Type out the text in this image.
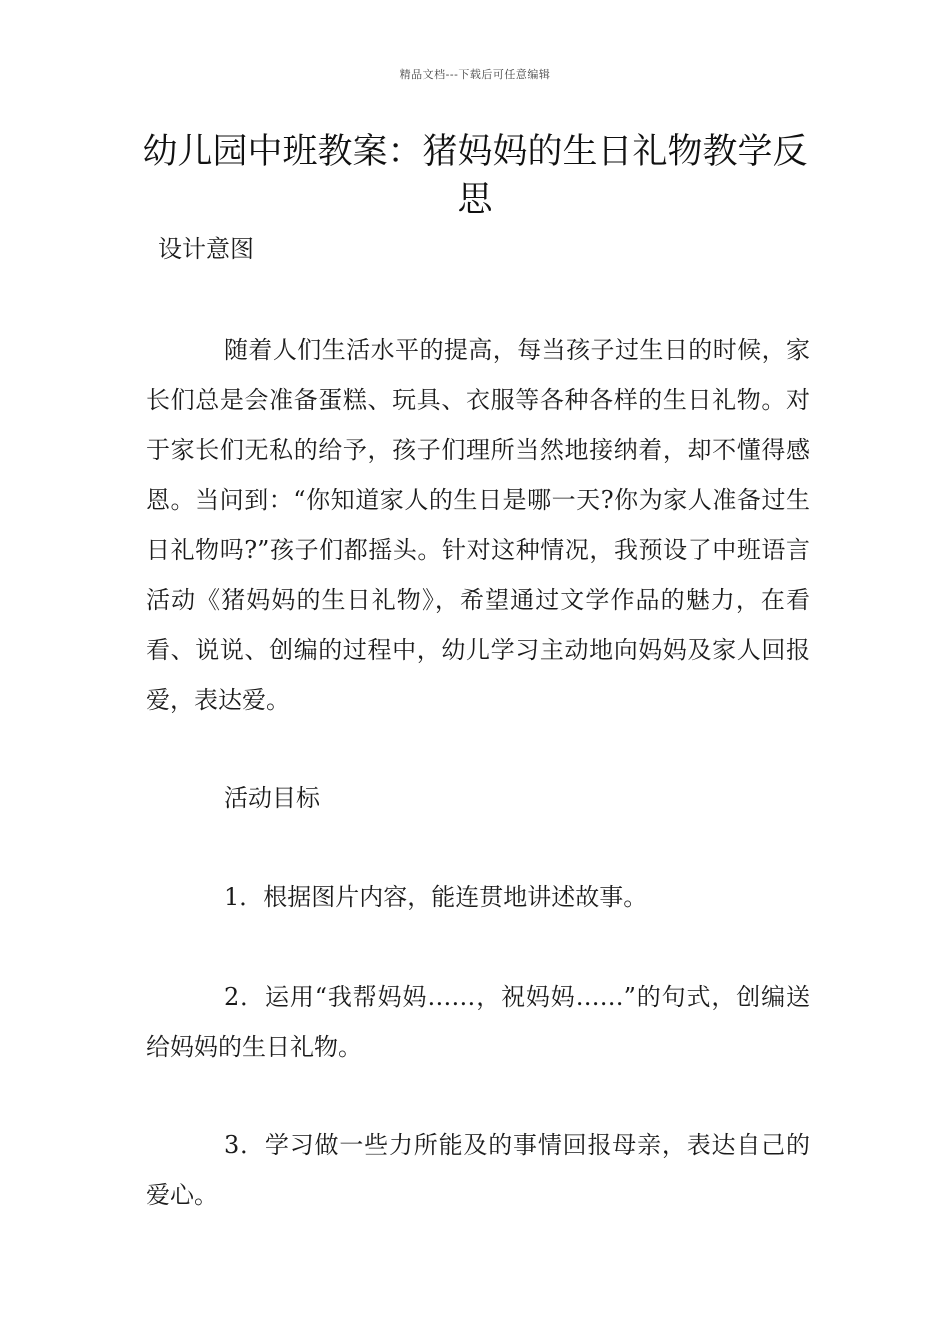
精品文档---下载后可任意编辑
幼儿园中班教案：猪妈妈的生日礼物教学反思
设计意图

随着人们生活水平的提高，每当孩子过生日的时候，家长们总是会准备蛋糕、玩具、衣服等各种各样的生日礼物。对于家长们无私的给予，孩子们理所当然地接纳着，却不懂得感恩。当问到：“你知道家人的生日是哪一天?你为家人准备过生日礼物吗?”孩子们都摇头。针对这种情况，我预设了中班语言活动《猪妈妈的生日礼物》，希望通过文学作品的魅力，在看看、说说、创编的过程中，幼儿学习主动地向妈妈及家人回报爱，表达爱。

活动目标

1．根据图片内容，能连贯地讲述故事。

2．运用“我帮妈妈……，祝妈妈……”的句式，创编送给妈妈的生日礼物。

3．学习做一些力所能及的事情回报母亲，表达自己的爱心。
